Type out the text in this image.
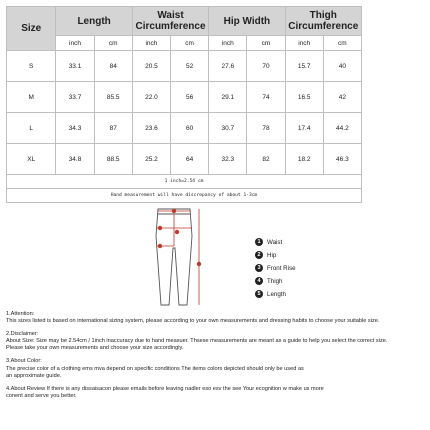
Size	Length		Waist
Circumference		Hip Width		Thigh
Circumference	
	inch	cm	inch	cm	inch	cm	inch	cm
S	33.1	84	20.5	52	27.6	70	15.7	40
M	33.7	85.5	22.0	56	29.1	74	16.5	42
L	34.3	87	23.6	60	30.7	78	17.4	44.2
XL	34.8	88.5	25.2	64	32.3	82	18.2	46.3
1 inch=2.54 cm								
Hand measurement will have discrepancy of about 1-3cm								
1	Waist
2	Hip
3	Front Rise
4	Thigh
5	Length
1.Attention:
This sizes listed is based on international sizing system, please according to your own measurements and dressing habits to choose your suitable size.
2.Disclaimer:
About Size: Size may be 2.54cm / 1inch inaccuracy due to hand measuer. Thsese measurements are meant as a guide to help you select the correct size.
Please take your own measurements and choose your size accordingly.
3.About Color:
The precise color of a clothing ems mva depend on specific conditions The items colors depicted should only be used as
an approximate guide.
4.About Review If there is any dissaisacon please emails before leaving nadler eso esv the see Your ecognition w make us more
conent and serve you better.
